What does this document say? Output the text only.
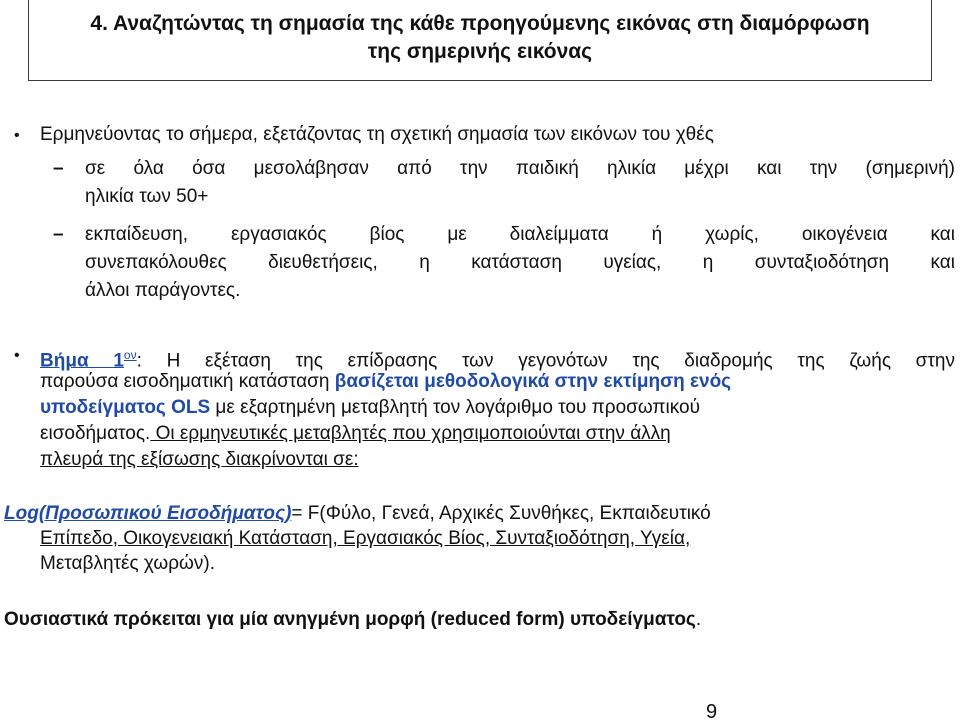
4. Αναζητώντας τη σημασία της κάθε προηγούμενης εικόνας στη διαμόρφωση
της σημερινής εικόνας
• Ερμηνεύοντας το σήμερα, εξετάζοντας τη σχετική σημασία των εικόνων του χθές
– σε όλα όσα μεσολάβησαν από την παιδική ηλικία μέχρι και την (σημερινή)
ηλικία των 50+
– εκπαίδευση, εργασιακός βίος με διαλείμματα ή χωρίς, οικογένεια και
συνεπακόλουθες διευθετήσεις, η κατάσταση υγείας, η συνταξιοδότηση και
άλλοι παράγοντες.
• Βήμα $1^{o\nu}$: Η εξέταση της επίδρασης των γεγονότων της διαδρομής της ζωής στην
παρούσα εισοδηματική κατάσταση βασίζεται μεθοδολογικά στην εκτίμηση ενός
υποδείγματος OLS με εξαρτημένη μεταβλητή τον λογάριθμο του προσωπικού
εισοδήματος. Οι ερμηνευτικές μεταβλητές που χρησιμοποιούνται στην άλλη
πλευρά της εξίσωσης διακρίνονται σε:
Log(Προσωπικού Εισοδήματος)= F(Φύλο, Γενεά, Αρχικές Συνθήκες, Εκπαιδευτικό
Επίπεδο, Οικογενειακή Κατάσταση, Εργασιακός Βίος, Συνταξιοδότηση, Υγεία,
Μεταβλητές χωρών).
Ουσιαστικά πρόκειται για μία ανηγμένη μορφή (reduced form) υποδείγματος.
9
